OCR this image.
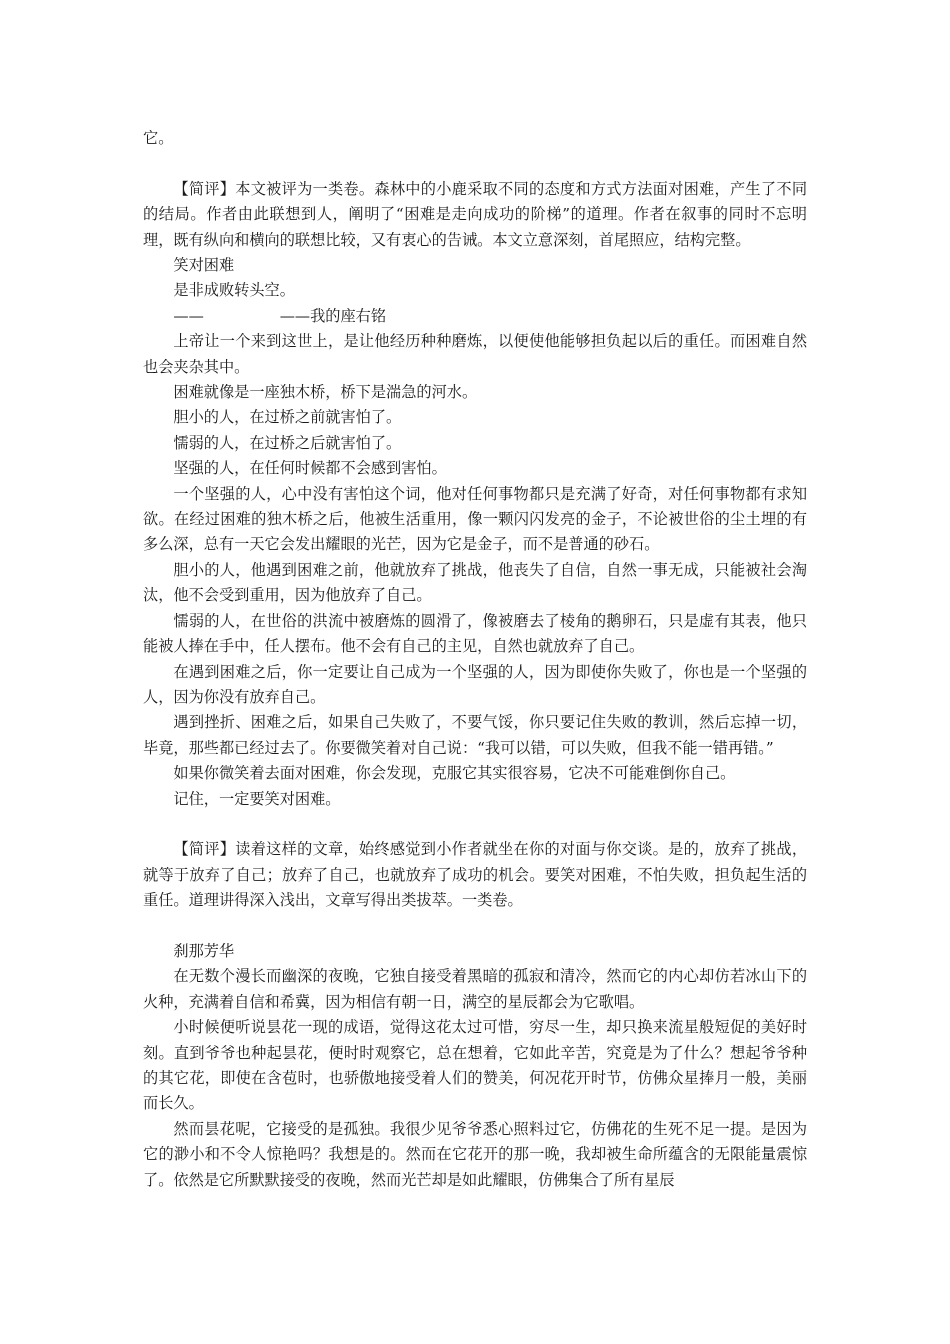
它。

【简评】本文被评为一类卷。森林中的小鹿采取不同的态度和方式方法面对困难，产生了不同的结局。作者由此联想到人，阐明了“困难是走向成功的阶梯”的道理。作者在叙事的同时不忘明理，既有纵向和横向的联想比较，又有衷心的告诫。本文立意深刻，首尾照应，结构完整。

笑对困难

是非成败转头空。

——　　　　　——我的座右铭

上帝让一个来到这世上，是让他经历种种磨炼，以便使他能够担负起以后的重任。而困难自然也会夹杂其中。

困难就像是一座独木桥，桥下是湍急的河水。

胆小的人，在过桥之前就害怕了。

懦弱的人，在过桥之后就害怕了。

坚强的人，在任何时候都不会感到害怕。

一个坚强的人，心中没有害怕这个词，他对任何事物都只是充满了好奇，对任何事物都有求知欲。在经过困难的独木桥之后，他被生活重用，像一颗闪闪发亮的金子，不论被世俗的尘土埋的有多么深，总有一天它会发出耀眼的光芒，因为它是金子，而不是普通的砂石。

胆小的人，他遇到困难之前，他就放弃了挑战，他丧失了自信，自然一事无成，只能被社会淘汰，他不会受到重用，因为他放弃了自己。

懦弱的人，在世俗的洪流中被磨炼的圆滑了，像被磨去了棱角的鹅卵石，只是虚有其表，他只能被人捧在手中，任人摆布。他不会有自己的主见，自然也就放弃了自己。

在遇到困难之后，你一定要让自己成为一个坚强的人，因为即使你失败了，你也是一个坚强的人，因为你没有放弃自己。

遇到挫折、困难之后，如果自己失败了，不要气馁，你只要记住失败的教训，然后忘掉一切，毕竟，那些都已经过去了。你要微笑着对自己说：“我可以错，可以失败，但我不能一错再错。”

如果你微笑着去面对困难，你会发现，克服它其实很容易，它决不可能难倒你自己。

记住，一定要笑对困难。

【简评】读着这样的文章，始终感觉到小作者就坐在你的对面与你交谈。是的，放弃了挑战，就等于放弃了自己；放弃了自己，也就放弃了成功的机会。要笑对困难，不怕失败，担负起生活的重任。道理讲得深入浅出，文章写得出类拔萃。一类卷。

刹那芳华

在无数个漫长而幽深的夜晚，它独自接受着黑暗的孤寂和清冷，然而它的内心却仿若冰山下的火种，充满着自信和希冀，因为相信有朝一日，满空的星辰都会为它歌唱。

小时候便听说昙花一现的成语，觉得这花太过可惜，穷尽一生，却只换来流星般短促的美好时刻。直到爷爷也种起昙花，便时时观察它，总在想着，它如此辛苦，究竟是为了什么？想起爷爷种的其它花，即使在含苞时，也骄傲地接受着人们的赞美，何况花开时节，仿佛众星捧月一般，美丽而长久。

然而昙花呢，它接受的是孤独。我很少见爷爷悉心照料过它，仿佛花的生死不足一提。是因为它的渺小和不令人惊艳吗？我想是的。然而在它花开的那一晚，我却被生命所蕴含的无限能量震惊了。依然是它所默默接受的夜晚，然而光芒却是如此耀眼，仿佛集合了所有星辰
